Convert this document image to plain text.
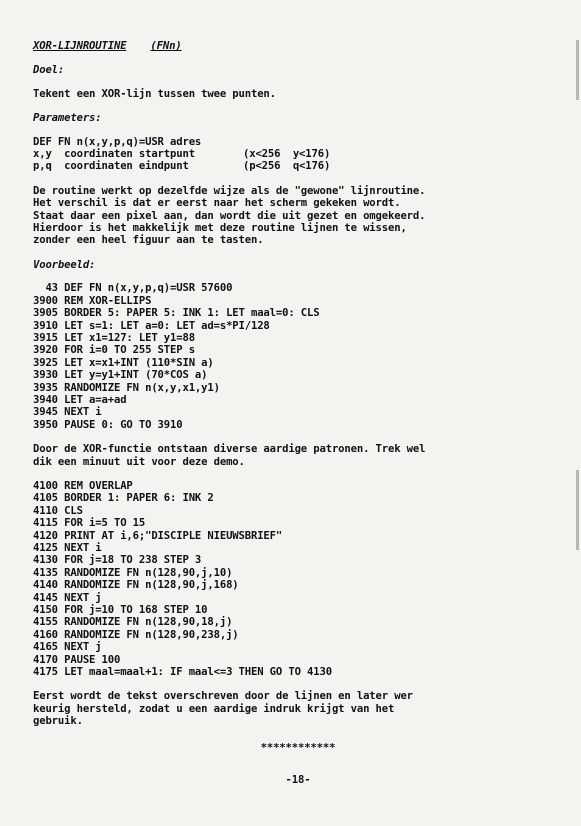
XOR-LIJNROUTINE (FNn)
Doel:
Tekent een XOR-lijn tussen twee punten.
Parameters:
DEF FN n(x,y,p,q)=USR adres
x,y  coordinaten startpunt	(x<256  y<176)
p,q  coordinaten eindpunt	(p<256  q<176)
De routine werkt op dezelfde wijze als de "gewone" lijnroutine.
Het verschil is dat er eerst naar het scherm gekeken wordt.
Staat daar een pixel aan, dan wordt die uit gezet en omgekeerd.
Hierdoor is het makkelijk met deze routine lijnen te wissen,
zonder een heel figuur aan te tasten.
Voorbeeld:
43 DEF FN n(x,y,p,q)=USR 57600
3900 REM XOR-ELLIPS
3905 BORDER 5: PAPER 5: INK 1: LET maal=0: CLS
3910 LET s=1: LET a=0: LET ad=s*PI/128
3915 LET x1=127: LET y1=88
3920 FOR i=0 TO 255 STEP s
3925 LET x=x1+INT (110*SIN a)
3930 LET y=y1+INT (70*COS a)
3935 RANDOMIZE FN n(x,y,x1,y1)
3940 LET a=a+ad
3945 NEXT i
3950 PAUSE 0: GO TO 3910
Door de XOR-functie ontstaan diverse aardige patronen. Trek wel
dik een minuut uit voor deze demo.
4100 REM OVERLAP
4105 BORDER 1: PAPER 6: INK 2
4110 CLS
4115 FOR i=5 TO 15
4120 PRINT AT i,6;"DISCIPLE NIEUWSBRIEF"
4125 NEXT i
4130 FOR j=18 TO 238 STEP 3
4135 RANDOMIZE FN n(128,90,j,10)
4140 RANDOMIZE FN n(128,90,j,168)
4145 NEXT j
4150 FOR j=10 TO 168 STEP 10
4155 RANDOMIZE FN n(128,90,18,j)
4160 RANDOMIZE FN n(128,90,238,j)
4165 NEXT j
4170 PAUSE 100
4175 LET maal=maal+1: IF maal<=3 THEN GO TO 4130
Eerst wordt de tekst overschreven door de lijnen en later wer
keurig hersteld, zodat u een aardige indruk krijgt van het
gebruik.
************
-18-
